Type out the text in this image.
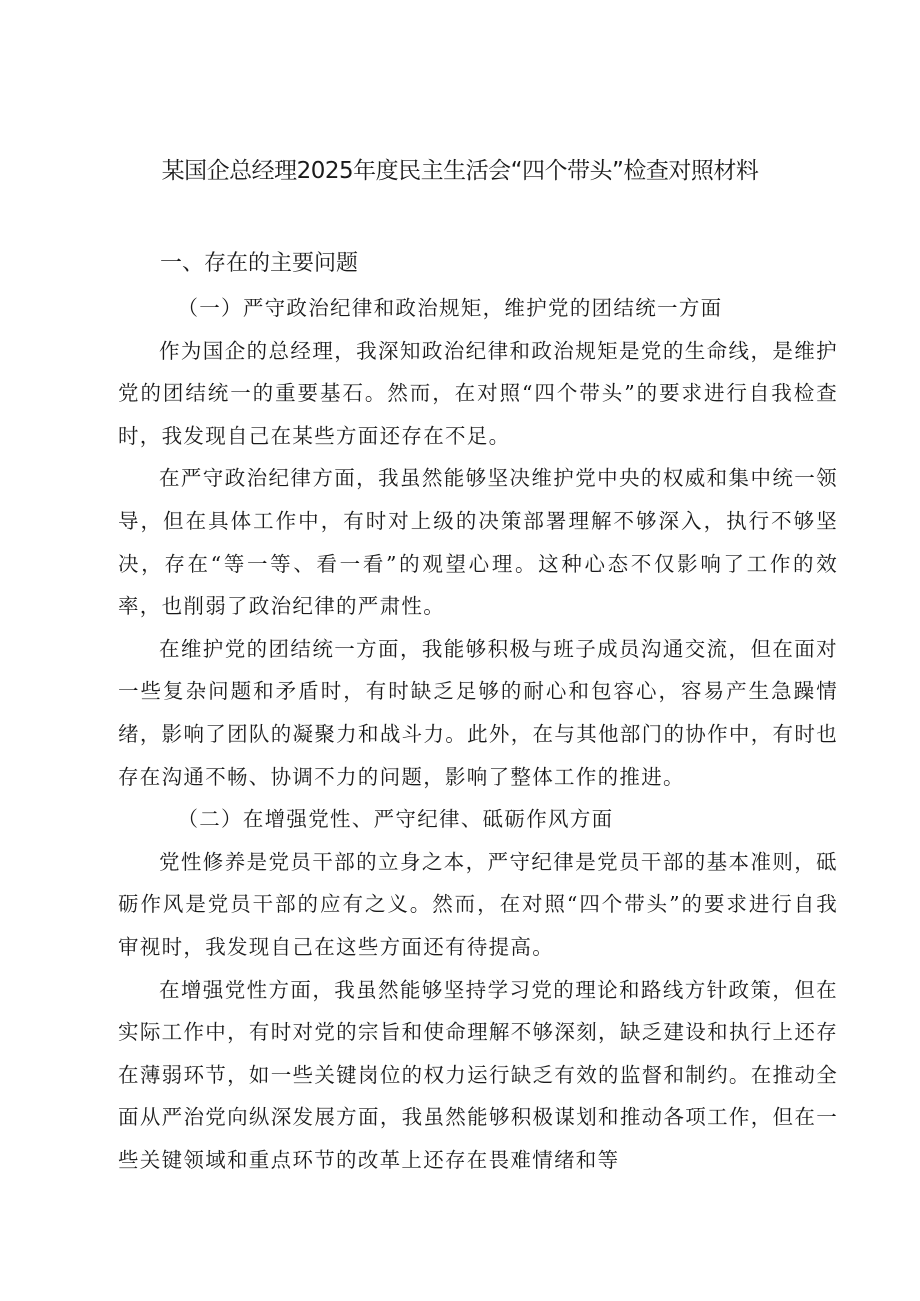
某国企总经理2025年度民主生活会“四个带头”检查对照材料
一、存在的主要问题

（一）严守政治纪律和政治规矩，维护党的团结统一方面

作为国企的总经理，我深知政治纪律和政治规矩是党的生命线，是维护党的团结统一的重要基石。然而，在对照“四个带头”的要求进行自我检查时，我发现自己在某些方面还存在不足。

在严守政治纪律方面，我虽然能够坚决维护党中央的权威和集中统一领导，但在具体工作中，有时对上级的决策部署理解不够深入，执行不够坚决，存在“等一等、看一看”的观望心理。这种心态不仅影响了工作的效率，也削弱了政治纪律的严肃性。

在维护党的团结统一方面，我能够积极与班子成员沟通交流，但在面对一些复杂问题和矛盾时，有时缺乏足够的耐心和包容心，容易产生急躁情绪，影响了团队的凝聚力和战斗力。此外，在与其他部门的协作中，有时也存在沟通不畅、协调不力的问题，影响了整体工作的推进。

（二）在增强党性、严守纪律、砥砺作风方面

党性修养是党员干部的立身之本，严守纪律是党员干部的基本准则，砥砺作风是党员干部的应有之义。然而，在对照“四个带头”的要求进行自我审视时，我发现自己在这些方面还有待提高。

在增强党性方面，我虽然能够坚持学习党的理论和路线方针政策，但在实际工作中，有时对党的宗旨和使命理解不够深刻，缺乏建设和执行上还存在薄弱环节，如一些关键岗位的权力运行缺乏有效的监督和制约。在推动全面从严治党向纵深发展方面，我虽然能够积极谋划和推动各项工作，但在一些关键领域和重点环节的改革上还存在畏难情绪和等
